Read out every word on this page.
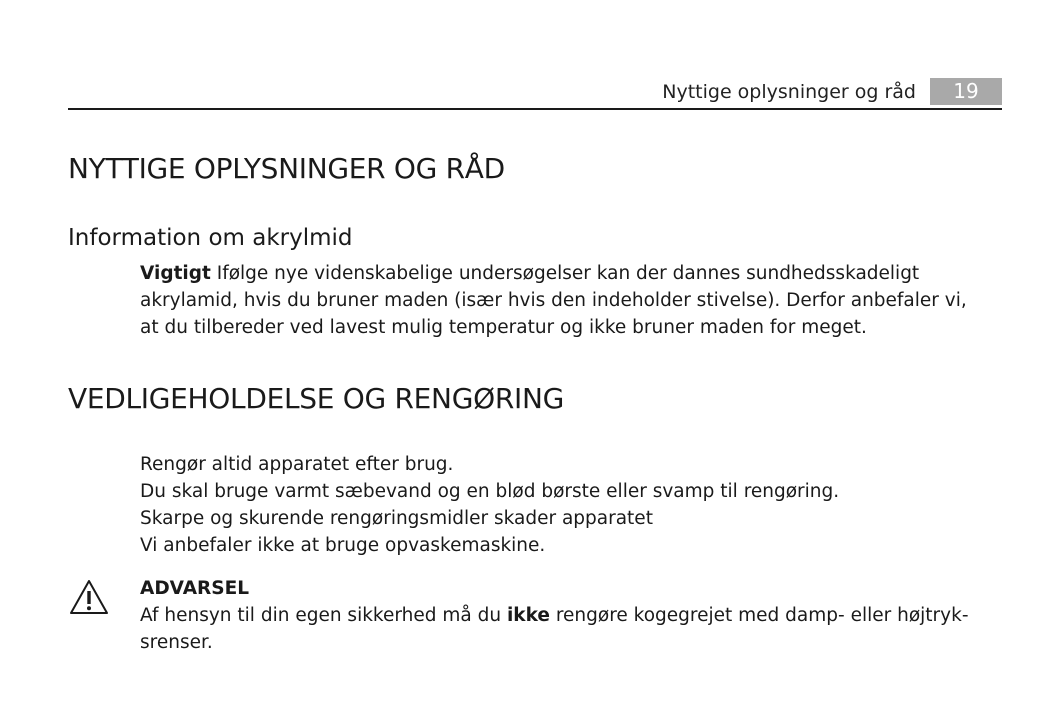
Nyttige oplysninger og råd	19
NYTTIGE OPLYSNINGER OG RÅD
Information om akrylmid
Vigtigt Ifølge nye videnskabelige undersøgelser kan der dannes sundhedsskadeligt
akrylamid, hvis du bruner maden (især hvis den indeholder stivelse). Derfor anbefaler vi,
at du tilbereder ved lavest mulig temperatur og ikke bruner maden for meget.
VEDLIGEHOLDELSE OG RENGØRING
Rengør altid apparatet efter brug.
Du skal bruge varmt sæbevand og en blød børste eller svamp til rengøring.
Skarpe og skurende rengøringsmidler skader apparatet
Vi anbefaler ikke at bruge opvaskemaskine.
ADVARSEL
Af hensyn til din egen sikkerhed må du ikke rengøre kogegrejet med damp- eller højtryk-
srenser.
